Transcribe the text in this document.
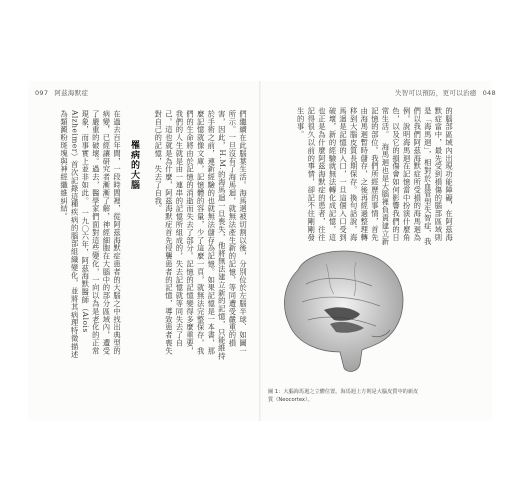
097 阿茲海默症	失智可以預防，更可以治癒 048
的腦部區域內出現功能障礙，在阿茲海默症當中，最先受到損傷的腦部區域則是「海馬迴」，相對於血管型失智症，我們以我們阿茲海默症所受損的海馬迴為例，說明海馬迴在記憶當中扮演什麼角色，以及它的損傷會如何影響我們的日常生活。　海馬迴也是大腦裡負責建立新記憶的部位。我們所經歷的事情，首先由海馬迴暫時儲存，之後再經過整理轉移到大腦皮質長期保存。換句話說，海馬迴是記憶的入口，一旦這個入口受到破壞，新的經驗就無法轉化成記憶，這也正是為什麼阿茲海默症的患者，往往記得很久以前的事情，卻記不住剛剛發生的事。
圖 1：大腦海馬迴之立體位置。海馬迴上方則是大腦皮質中的新皮質（Neocortex）。
們繼續在此腦葉生活。海馬迴被切割以後，分別位於左腦半球、如圖一所示。一旦沒有了海馬迴，就無法產生新的記憶，等同遭受嚴重的損害，因此，H.M.的海馬迴一旦喪失，他將無法建立新的記憶，只能維持於手術之前，連新經驗的也就無法儲存為記憶。如果記憶是一本書，那麼記憶就像文庫，記憶體的容量，少了這麼一頁，就無法完整保存，我們的生命將由於記憶的消逝而失去了部分。記憶的記憶變得多麼重要，我們的人生就是由一連串的記憶所組成的，失去記憶就等同失去了自己。這也就是為什麼，阿茲海默症首先侵襲患者的記憶，導致患者喪失對自己的記憶，失去了自我。
罹病的大腦
在過去百年間，一段時間裡，從阿茲海默症患者的大腦之中找出典型的病變，已經讓研究者漸漸了解，神經細胞在大腦中的部分區域內，遭受了嚴重的破壞。過去，醫學家們面對這些變化，一向以為是老化的正常現象，而事實上並非如此。　一九〇六年，阿茲海默醫師（Alois Alzheimer）首次記錄這種疾病的腦部組織變化，並將其病理特徵描述為類澱粉斑塊與神經纖維糾結。
